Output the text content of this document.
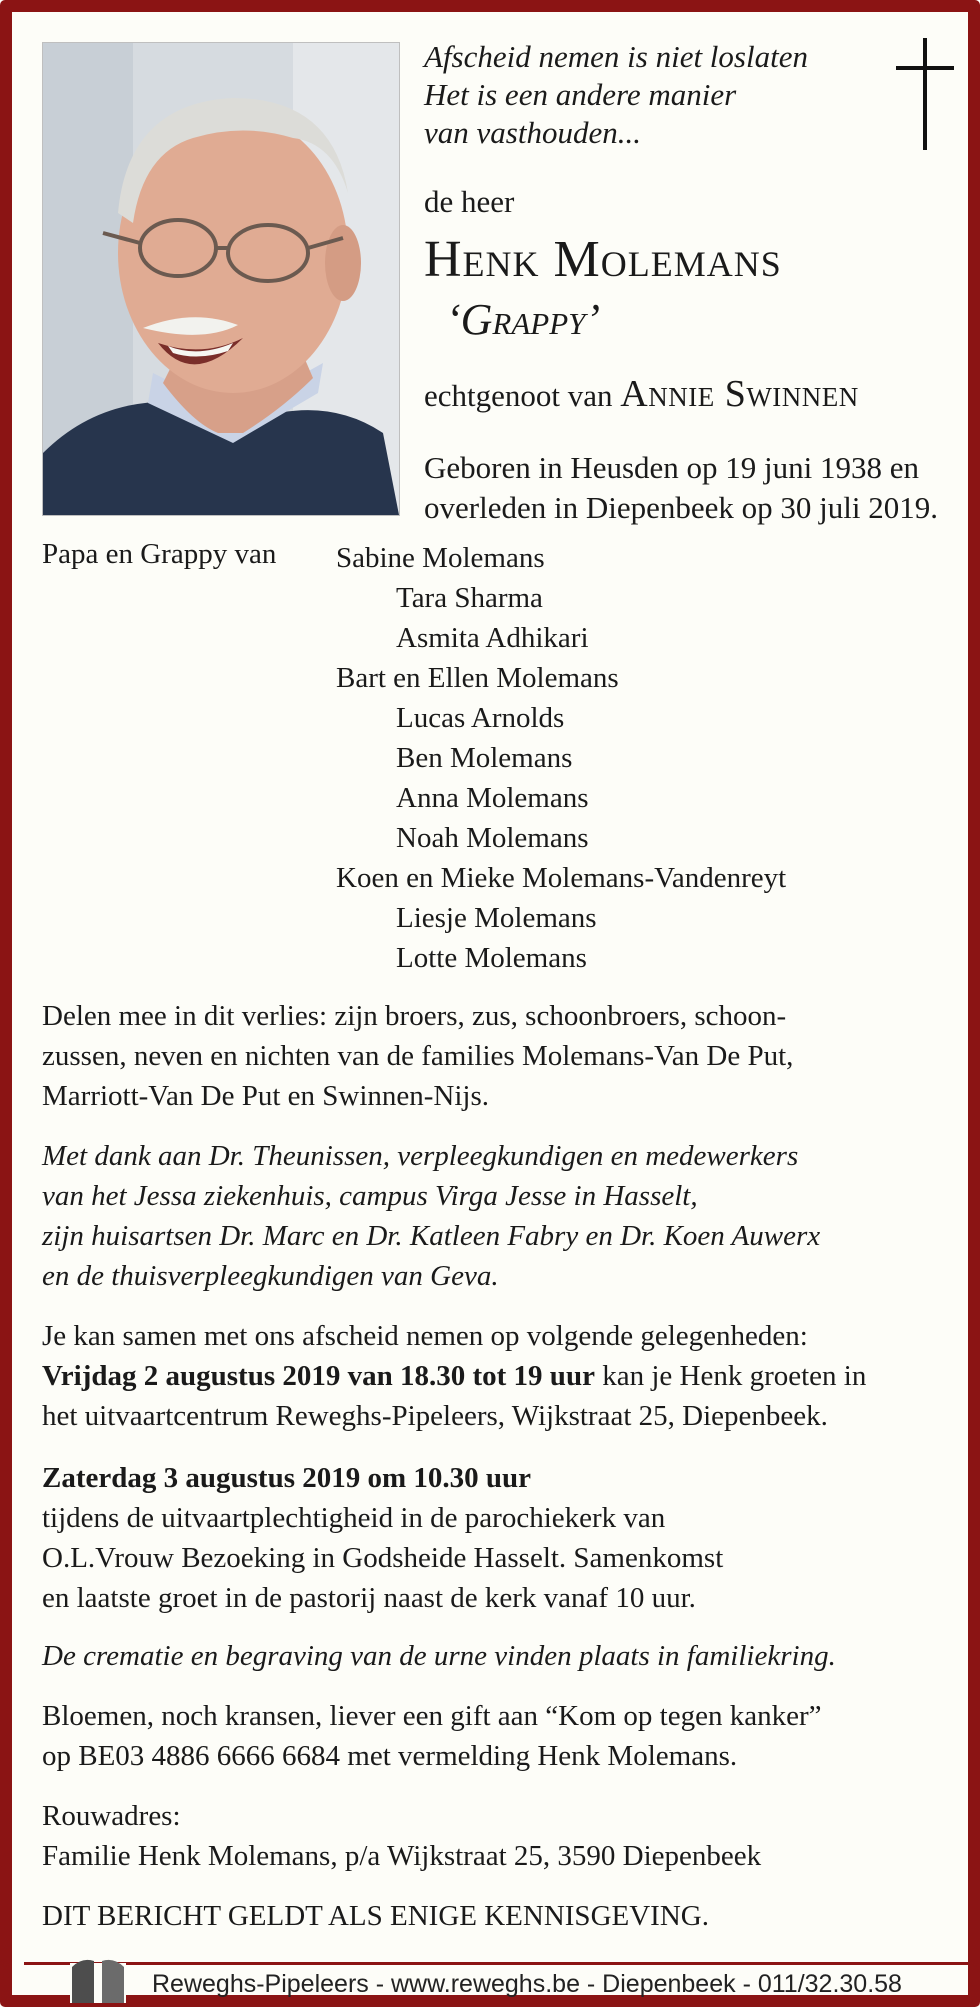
Afscheid nemen is niet loslaten
Het is een andere manier
van vasthouden...
de heer
Henk Molemans
‘Grappy’
echtgenoot van Annie Swinnen
Geboren in Heusden op 19 juni 1938 en
overleden in Diepenbeek op 30 juli 2019.
Papa en Grappy van Sabine Molemans
Tara Sharma
Asmita Adhikari
Bart en Ellen Molemans
Lucas Arnolds
Ben Molemans
Anna Molemans
Noah Molemans
Koen en Mieke Molemans-Vandenreyt
Liesje Molemans
Lotte Molemans
Delen mee in dit verlies: zijn broers, zus, schoonbroers, schoon-
zussen, neven en nichten van de families Molemans-Van De Put,
Marriott-Van De Put en Swinnen-Nijs.
Met dank aan Dr. Theunissen, verpleegkundigen en medewerkers
van het Jessa ziekenhuis, campus Virga Jesse in Hasselt,
zijn huisartsen Dr. Marc en Dr. Katleen Fabry en Dr. Koen Auwerx
en de thuisverpleegkundigen van Geva.
Je kan samen met ons afscheid nemen op volgende gelegenheden:
Vrijdag 2 augustus 2019 van 18.30 tot 19 uur kan je Henk groeten in
het uitvaartcentrum Reweghs-Pipeleers, Wijkstraat 25, Diepenbeek.
Zaterdag 3 augustus 2019 om 10.30 uur
tijdens de uitvaartplechtigheid in de parochiekerk van
O.L.Vrouw Bezoeking in Godsheide Hasselt. Samenkomst
en laatste groet in de pastorij naast de kerk vanaf 10 uur.
De crematie en begraving van de urne vinden plaats in familiekring.
Bloemen, noch kransen, liever een gift aan “Kom op tegen kanker”
op BE03 4886 6666 6684 met vermelding Henk Molemans.
Rouwadres:
Familie Henk Molemans, p/a Wijkstraat 25, 3590 Diepenbeek
DIT BERICHT GELDT ALS ENIGE KENNISGEVING.
Reweghs-Pipeleers - www.reweghs.be - Diepenbeek - 011/32.30.58
